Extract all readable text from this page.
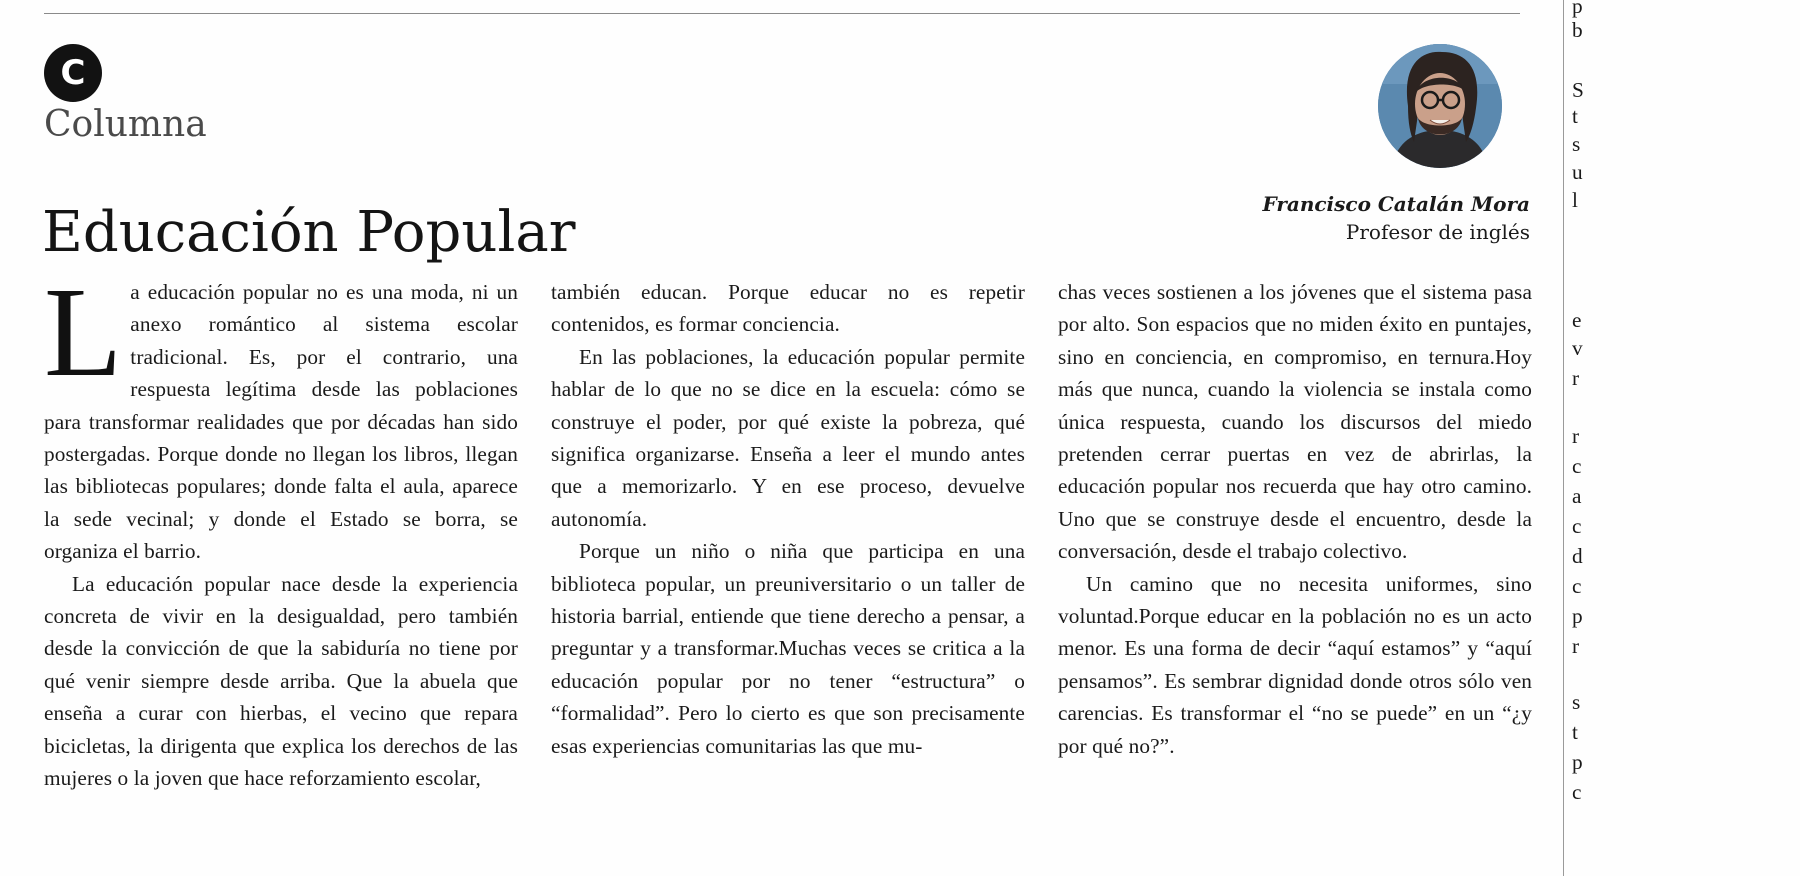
C
Columna
Educación Popular	Francisco Catalán Mora
Profesor de inglés

La educación popular no es una moda, ni un anexo romántico al sistema escolar tradicional. Es, por el contrario, una respuesta legítima desde las poblaciones para transformar realidades que por décadas han sido postergadas. Porque donde no llegan los libros, llegan las bibliotecas populares; donde falta el aula, aparece la sede vecinal; y donde el Estado se borra, se organiza el barrio.

La educación popular nace desde la experiencia concreta de vivir en la desigualdad, pero también desde la convicción de que la sabiduría no tiene por qué venir siempre desde arriba. Que la abuela que enseña a curar con hierbas, el vecino que repara bicicletas, la dirigenta que explica los derechos de las mujeres o la joven que hace reforzamiento escolar,

también educan. Porque educar no es repetir contenidos, es formar conciencia.

En las poblaciones, la educación popular permite hablar de lo que no se dice en la escuela: cómo se construye el poder, por qué existe la pobreza, qué significa organizarse. Enseña a leer el mundo antes que a memorizarlo. Y en ese proceso, devuelve autonomía.

Porque un niño o niña que participa en una biblioteca popular, un preuniversitario o un taller de historia barrial, entiende que tiene derecho a pensar, a preguntar y a transformar.Muchas veces se critica a la educación popular por no tener “estructura” o “formalidad”. Pero lo cierto es que son precisamente esas experiencias comunitarias las que mu-

chas veces sostienen a los jóvenes que el sistema pasa por alto. Son espacios que no miden éxito en puntajes, sino en conciencia, en compromiso, en ternura.Hoy más que nunca, cuando la violencia se instala como única respuesta, cuando los discursos del miedo pretenden cerrar puertas en vez de abrirlas, la educación popular nos recuerda que hay otro camino. Uno que se construye desde el encuentro, desde la conversación, desde el trabajo colectivo.

Un camino que no necesita uniformes, sino voluntad.Porque educar en la población no es un acto menor. Es una forma de decir “aquí estamos” y “aquí pensamos”. Es sembrar dignidad donde otros sólo ven carencias. Es transformar el “no se puede” en un “¿y por qué no?”.

p
b
S
t
s
u
l
e
v
r
r
c
a
c
d
c
p
r
s
t
p
c
